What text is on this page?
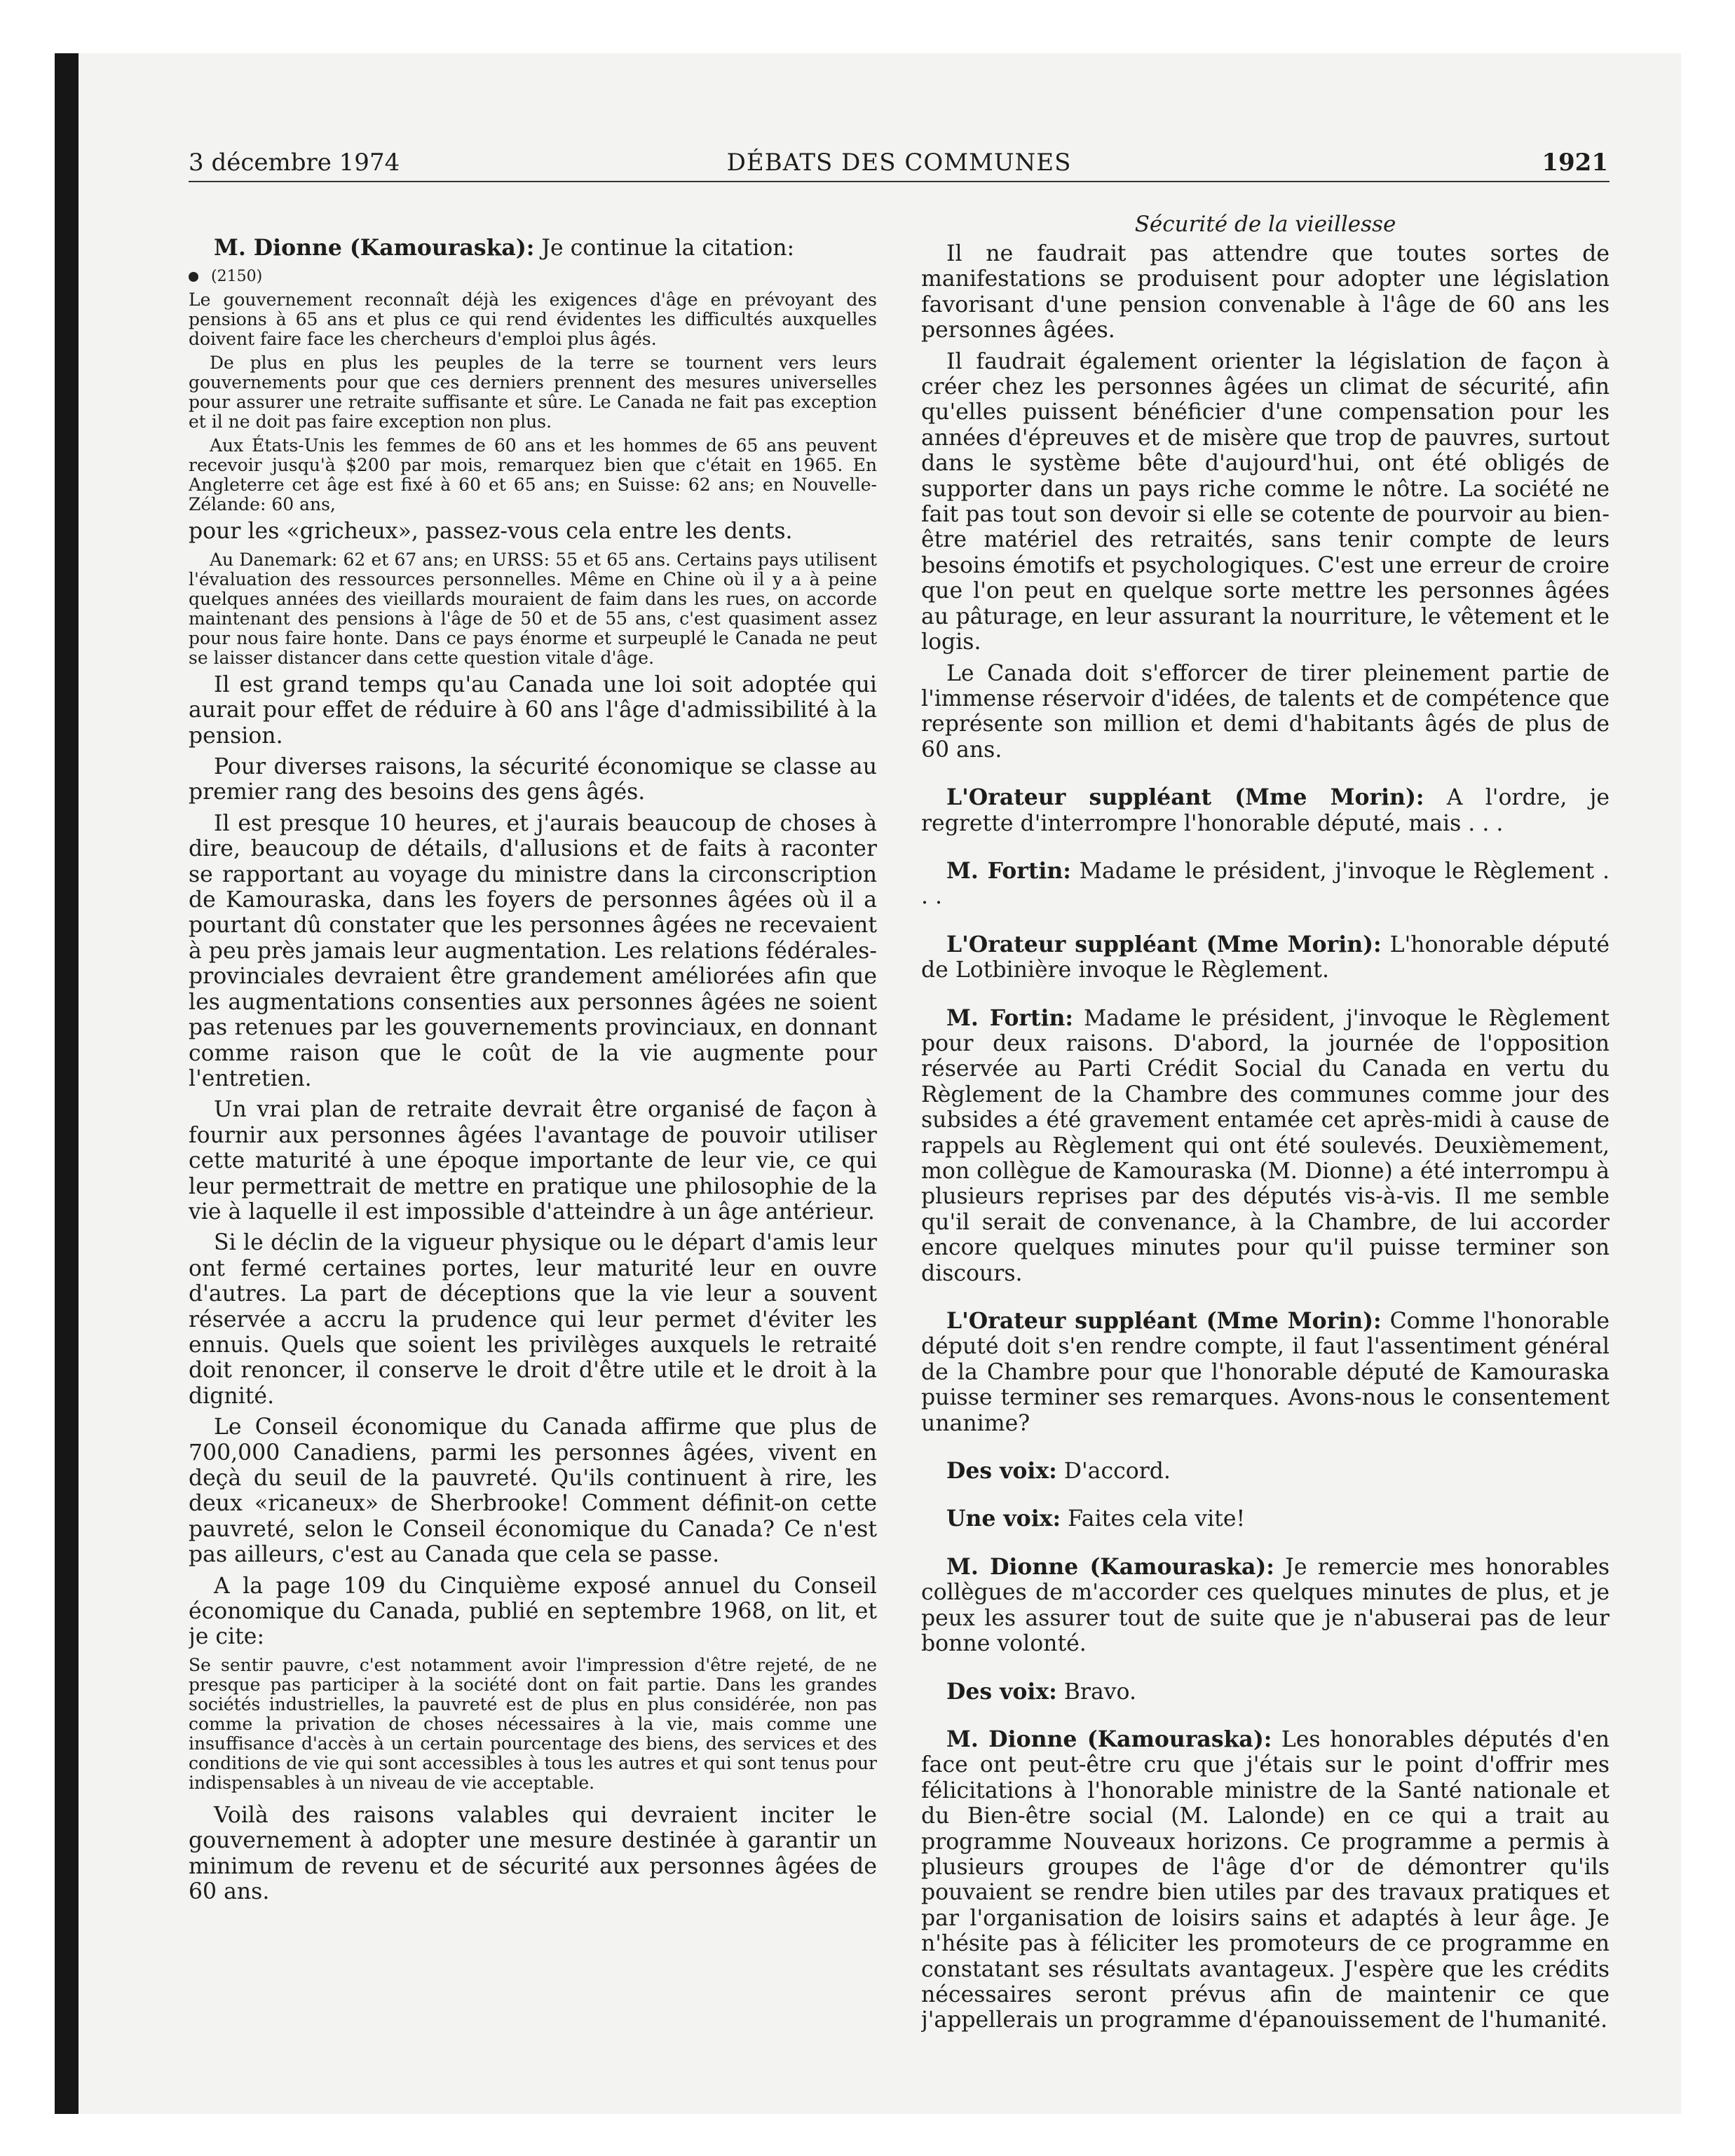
3 décembre 1974	DÉBATS DES COMMUNES	1921

M. Dionne (Kamouraska): Je continue la citation:

(2150)

Le gouvernement reconnaît déjà les exigences d'âge en prévoyant des pensions à 65 ans et plus ce qui rend évidentes les difficultés auxquelles doivent faire face les chercheurs d'emploi plus âgés.

De plus en plus les peuples de la terre se tournent vers leurs gouvernements pour que ces derniers prennent des mesures universelles pour assurer une retraite suffisante et sûre. Le Canada ne fait pas exception et il ne doit pas faire exception non plus.

Aux États-Unis les femmes de 60 ans et les hommes de 65 ans peuvent recevoir jusqu'à $200 par mois, remarquez bien que c'était en 1965. En Angleterre cet âge est fixé à 60 et 65 ans; en Suisse: 62 ans; en Nouvelle-Zélande: 60 ans,

pour les «gricheux», passez-vous cela entre les dents.

Au Danemark: 62 et 67 ans; en URSS: 55 et 65 ans. Certains pays utilisent l'évaluation des ressources personnelles. Même en Chine où il y a à peine quelques années des vieillards mouraient de faim dans les rues, on accorde maintenant des pensions à l'âge de 50 et de 55 ans, c'est quasiment assez pour nous faire honte. Dans ce pays énorme et surpeuplé le Canada ne peut se laisser distancer dans cette question vitale d'âge.

Il est grand temps qu'au Canada une loi soit adoptée qui aurait pour effet de réduire à 60 ans l'âge d'admissibilité à la pension.

Pour diverses raisons, la sécurité économique se classe au premier rang des besoins des gens âgés.

Il est presque 10 heures, et j'aurais beaucoup de choses à dire, beaucoup de détails, d'allusions et de faits à raconter se rapportant au voyage du ministre dans la circonscription de Kamouraska, dans les foyers de personnes âgées où il a pourtant dû constater que les personnes âgées ne recevaient à peu près jamais leur augmentation. Les relations fédérales-provinciales devraient être grandement améliorées afin que les augmentations consenties aux personnes âgées ne soient pas retenues par les gouvernements provinciaux, en donnant comme raison que le coût de la vie augmente pour l'entretien.

Un vrai plan de retraite devrait être organisé de façon à fournir aux personnes âgées l'avantage de pouvoir utiliser cette maturité à une époque importante de leur vie, ce qui leur permettrait de mettre en pratique une philosophie de la vie à laquelle il est impossible d'atteindre à un âge antérieur.

Si le déclin de la vigueur physique ou le départ d'amis leur ont fermé certaines portes, leur maturité leur en ouvre d'autres. La part de déceptions que la vie leur a souvent réservée a accru la prudence qui leur permet d'éviter les ennuis. Quels que soient les privilèges auxquels le retraité doit renoncer, il conserve le droit d'être utile et le droit à la dignité.

Le Conseil économique du Canada affirme que plus de 700,000 Canadiens, parmi les personnes âgées, vivent en deçà du seuil de la pauvreté. Qu'ils continuent à rire, les deux «ricaneux» de Sherbrooke! Comment définit-on cette pauvreté, selon le Conseil économique du Canada? Ce n'est pas ailleurs, c'est au Canada que cela se passe.

A la page 109 du Cinquième exposé annuel du Conseil économique du Canada, publié en septembre 1968, on lit, et je cite:

Se sentir pauvre, c'est notamment avoir l'impression d'être rejeté, de ne presque pas participer à la société dont on fait partie. Dans les grandes sociétés industrielles, la pauvreté est de plus en plus considérée, non pas comme la privation de choses nécessaires à la vie, mais comme une insuffisance d'accès à un certain pourcentage des biens, des services et des conditions de vie qui sont accessibles à tous les autres et qui sont tenus pour indispensables à un niveau de vie acceptable.

Voilà des raisons valables qui devraient inciter le gouvernement à adopter une mesure destinée à garantir un minimum de revenu et de sécurité aux personnes âgées de 60 ans.

Sécurité de la vieillesse

Il ne faudrait pas attendre que toutes sortes de manifestations se produisent pour adopter une législation favorisant d'une pension convenable à l'âge de 60 ans les personnes âgées.

Il faudrait également orienter la législation de façon à créer chez les personnes âgées un climat de sécurité, afin qu'elles puissent bénéficier d'une compensation pour les années d'épreuves et de misère que trop de pauvres, surtout dans le système bête d'aujourd'hui, ont été obligés de supporter dans un pays riche comme le nôtre. La société ne fait pas tout son devoir si elle se cotente de pourvoir au bien-être matériel des retraités, sans tenir compte de leurs besoins émotifs et psychologiques. C'est une erreur de croire que l'on peut en quelque sorte mettre les personnes âgées au pâturage, en leur assurant la nourriture, le vêtement et le logis.

Le Canada doit s'efforcer de tirer pleinement partie de l'immense réservoir d'idées, de talents et de compétence que représente son million et demi d'habitants âgés de plus de 60 ans.

L'Orateur suppléant (Mme Morin): A l'ordre, je regrette d'interrompre l'honorable député, mais . . .

M. Fortin: Madame le président, j'invoque le Règlement . . .

L'Orateur suppléant (Mme Morin): L'honorable député de Lotbinière invoque le Règlement.

M. Fortin: Madame le président, j'invoque le Règlement pour deux raisons. D'abord, la journée de l'opposition réservée au Parti Crédit Social du Canada en vertu du Règlement de la Chambre des communes comme jour des subsides a été gravement entamée cet après-midi à cause de rappels au Règlement qui ont été soulevés. Deuxièmement, mon collègue de Kamouraska (M. Dionne) a été interrompu à plusieurs reprises par des députés vis-à-vis. Il me semble qu'il serait de convenance, à la Chambre, de lui accorder encore quelques minutes pour qu'il puisse terminer son discours.

L'Orateur suppléant (Mme Morin): Comme l'honorable député doit s'en rendre compte, il faut l'assentiment général de la Chambre pour que l'honorable député de Kamouraska puisse terminer ses remarques. Avons-nous le consentement unanime?

Des voix: D'accord.

Une voix: Faites cela vite!

M. Dionne (Kamouraska): Je remercie mes honorables collègues de m'accorder ces quelques minutes de plus, et je peux les assurer tout de suite que je n'abuserai pas de leur bonne volonté.

Des voix: Bravo.

M. Dionne (Kamouraska): Les honorables députés d'en face ont peut-être cru que j'étais sur le point d'offrir mes félicitations à l'honorable ministre de la Santé nationale et du Bien-être social (M. Lalonde) en ce qui a trait au programme Nouveaux horizons. Ce programme a permis à plusieurs groupes de l'âge d'or de démontrer qu'ils pouvaient se rendre bien utiles par des travaux pratiques et par l'organisation de loisirs sains et adaptés à leur âge. Je n'hésite pas à féliciter les promoteurs de ce programme en constatant ses résultats avantageux. J'espère que les crédits nécessaires seront prévus afin de maintenir ce que j'appellerais un programme d'épanouissement de l'humanité.
